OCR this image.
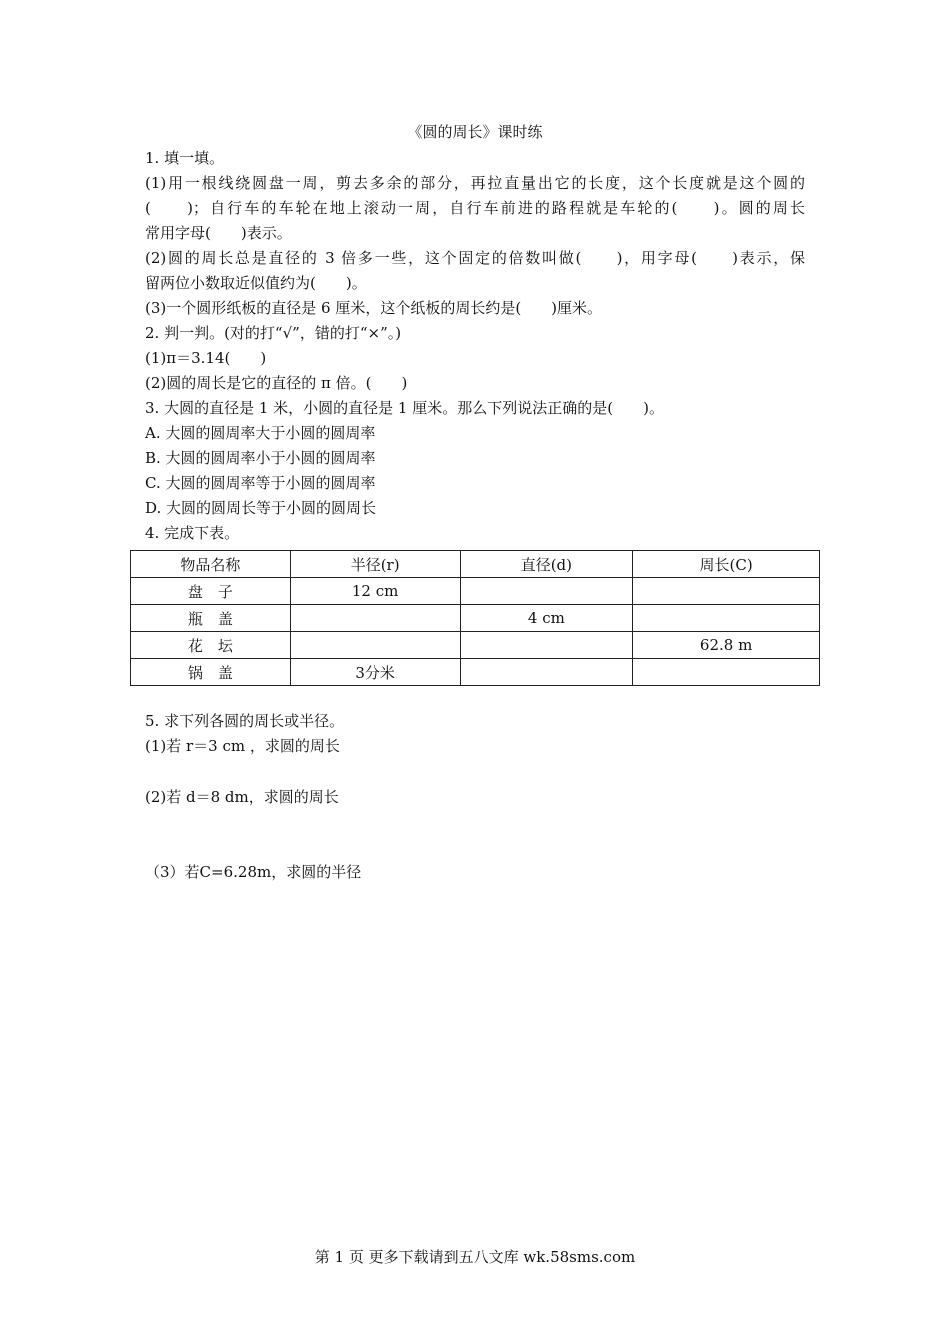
《圆的周长》课时练
1. 填一填。
(1)用一根线绕圆盘一周，剪去多余的部分，再拉直量出它的长度，这个长度就是这个圆的
(　　)；自行车的车轮在地上滚动一周，自行车前进的路程就是车轮的(　　)。圆的周长
常用字母(　　)表示。
(2)圆的周长总是直径的 3 倍多一些，这个固定的倍数叫做(　　)，用字母(　　)表示，保
留两位小数取近似值约为(　　)。
(3)一个圆形纸板的直径是 6 厘米，这个纸板的周长约是(　　)厘米。
2. 判一判。(对的打“√”，错的打“×”。)
(1)π＝3.14(　　)
(2)圆的周长是它的直径的 π 倍。(　　)
3. 大圆的直径是 1 米，小圆的直径是 1 厘米。那么下列说法正确的是(　　)。
A. 大圆的圆周率大于小圆的圆周率
B. 大圆的圆周率小于小圆的圆周率
C. 大圆的圆周率等于小圆的圆周率
D. 大圆的圆周长等于小圆的圆周长
4. 完成下表。
物品名称	半径(r)	直径(d)	周长(C)
盘　子	12 cm		
瓶　盖		4 cm	
花　坛			62.8 m
锅　盖	3分米		
5. 求下列各圆的周长或半径。
(1)若 r＝3 cm ，求圆的周长
(2)若 d＝8 dm，求圆的周长
（3）若C=6.28m，求圆的半径
第 1 页 更多下载请到五八文库 wk.58sms.com
